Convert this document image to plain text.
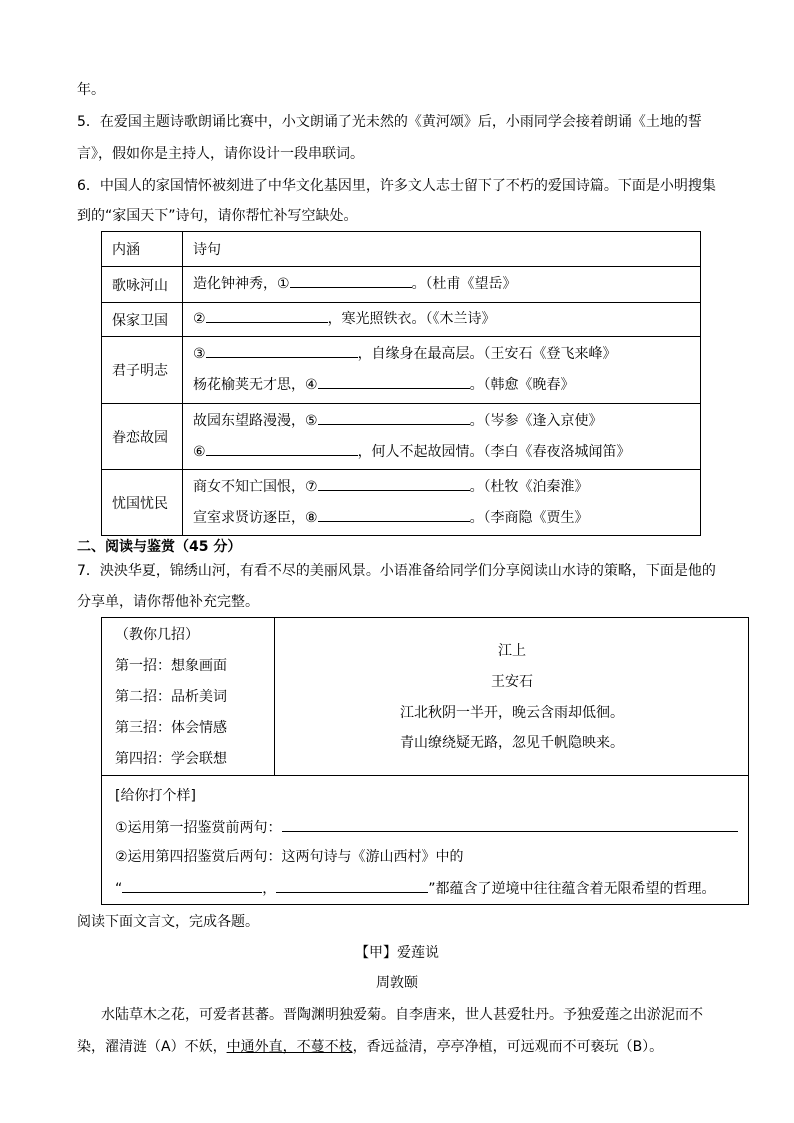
年。
5．在爱国主题诗歌朗诵比赛中，小文朗诵了光未然的《黄河颂》后，小雨同学会接着朗诵《土地的誓
言》，假如你是主持人，请你设计一段串联词。
6．中国人的家国情怀被刻进了中华文化基因里，许多文人志士留下了不朽的爱国诗篇。下面是小明搜集
到的“家国天下”诗句，请你帮忙补写空缺处。
内涵	诗句
歌咏河山	造化钟神秀，① 。（杜甫《望岳》

保家卫国	② ，寒光照铁衣。（《木兰诗》

君子明志	③ ，自缘身在最高层。（王安石《登飞来峰》
杨花榆荚无才思，④ 。（韩愈《晚春》

眷恋故园	故园东望路漫漫，⑤ 。（岑参《逢入京使》
⑥ ，何人不起故园情。（李白《春夜洛城闻笛》

忧国忧民	商女不知亡国恨，⑦ 。（杜牧《泊秦淮》
宣室求贤访逐臣，⑧ 。（李商隐《贾生》
二、阅读与鉴赏（45 分）
7．泱泱华夏，锦绣山河，有看不尽的美丽风景。小语准备给同学们分享阅读山水诗的策略，下面是他的
分享单，请你帮他补充完整。
（教你几招）
第一招：想象画面
第二招：品析美词
第三招：体会情感
第四招：学会联想
江上
王安石
江北秋阴一半开，晚云含雨却低徊。
青山缭绕疑无路，忽见千帆隐映来。
[给你打个样]
①运用第一招鉴赏前两句：
②运用第四招鉴赏后两句：这两句诗与《游山西村》中的
“	，	”都蕴含了逆境中往往蕴含着无限希望的哲理。
阅读下面文言文，完成各题。
【甲】爱莲说
周敦颐
水陆草木之花，可爱者甚蕃。晋陶渊明独爱菊。自李唐来，世人甚爱牡丹。予独爱莲之出淤泥而不
染，濯清涟（A）不妖，中通外直，不蔓不枝，香远益清，亭亭净植，可远观而不可亵玩（B）。
